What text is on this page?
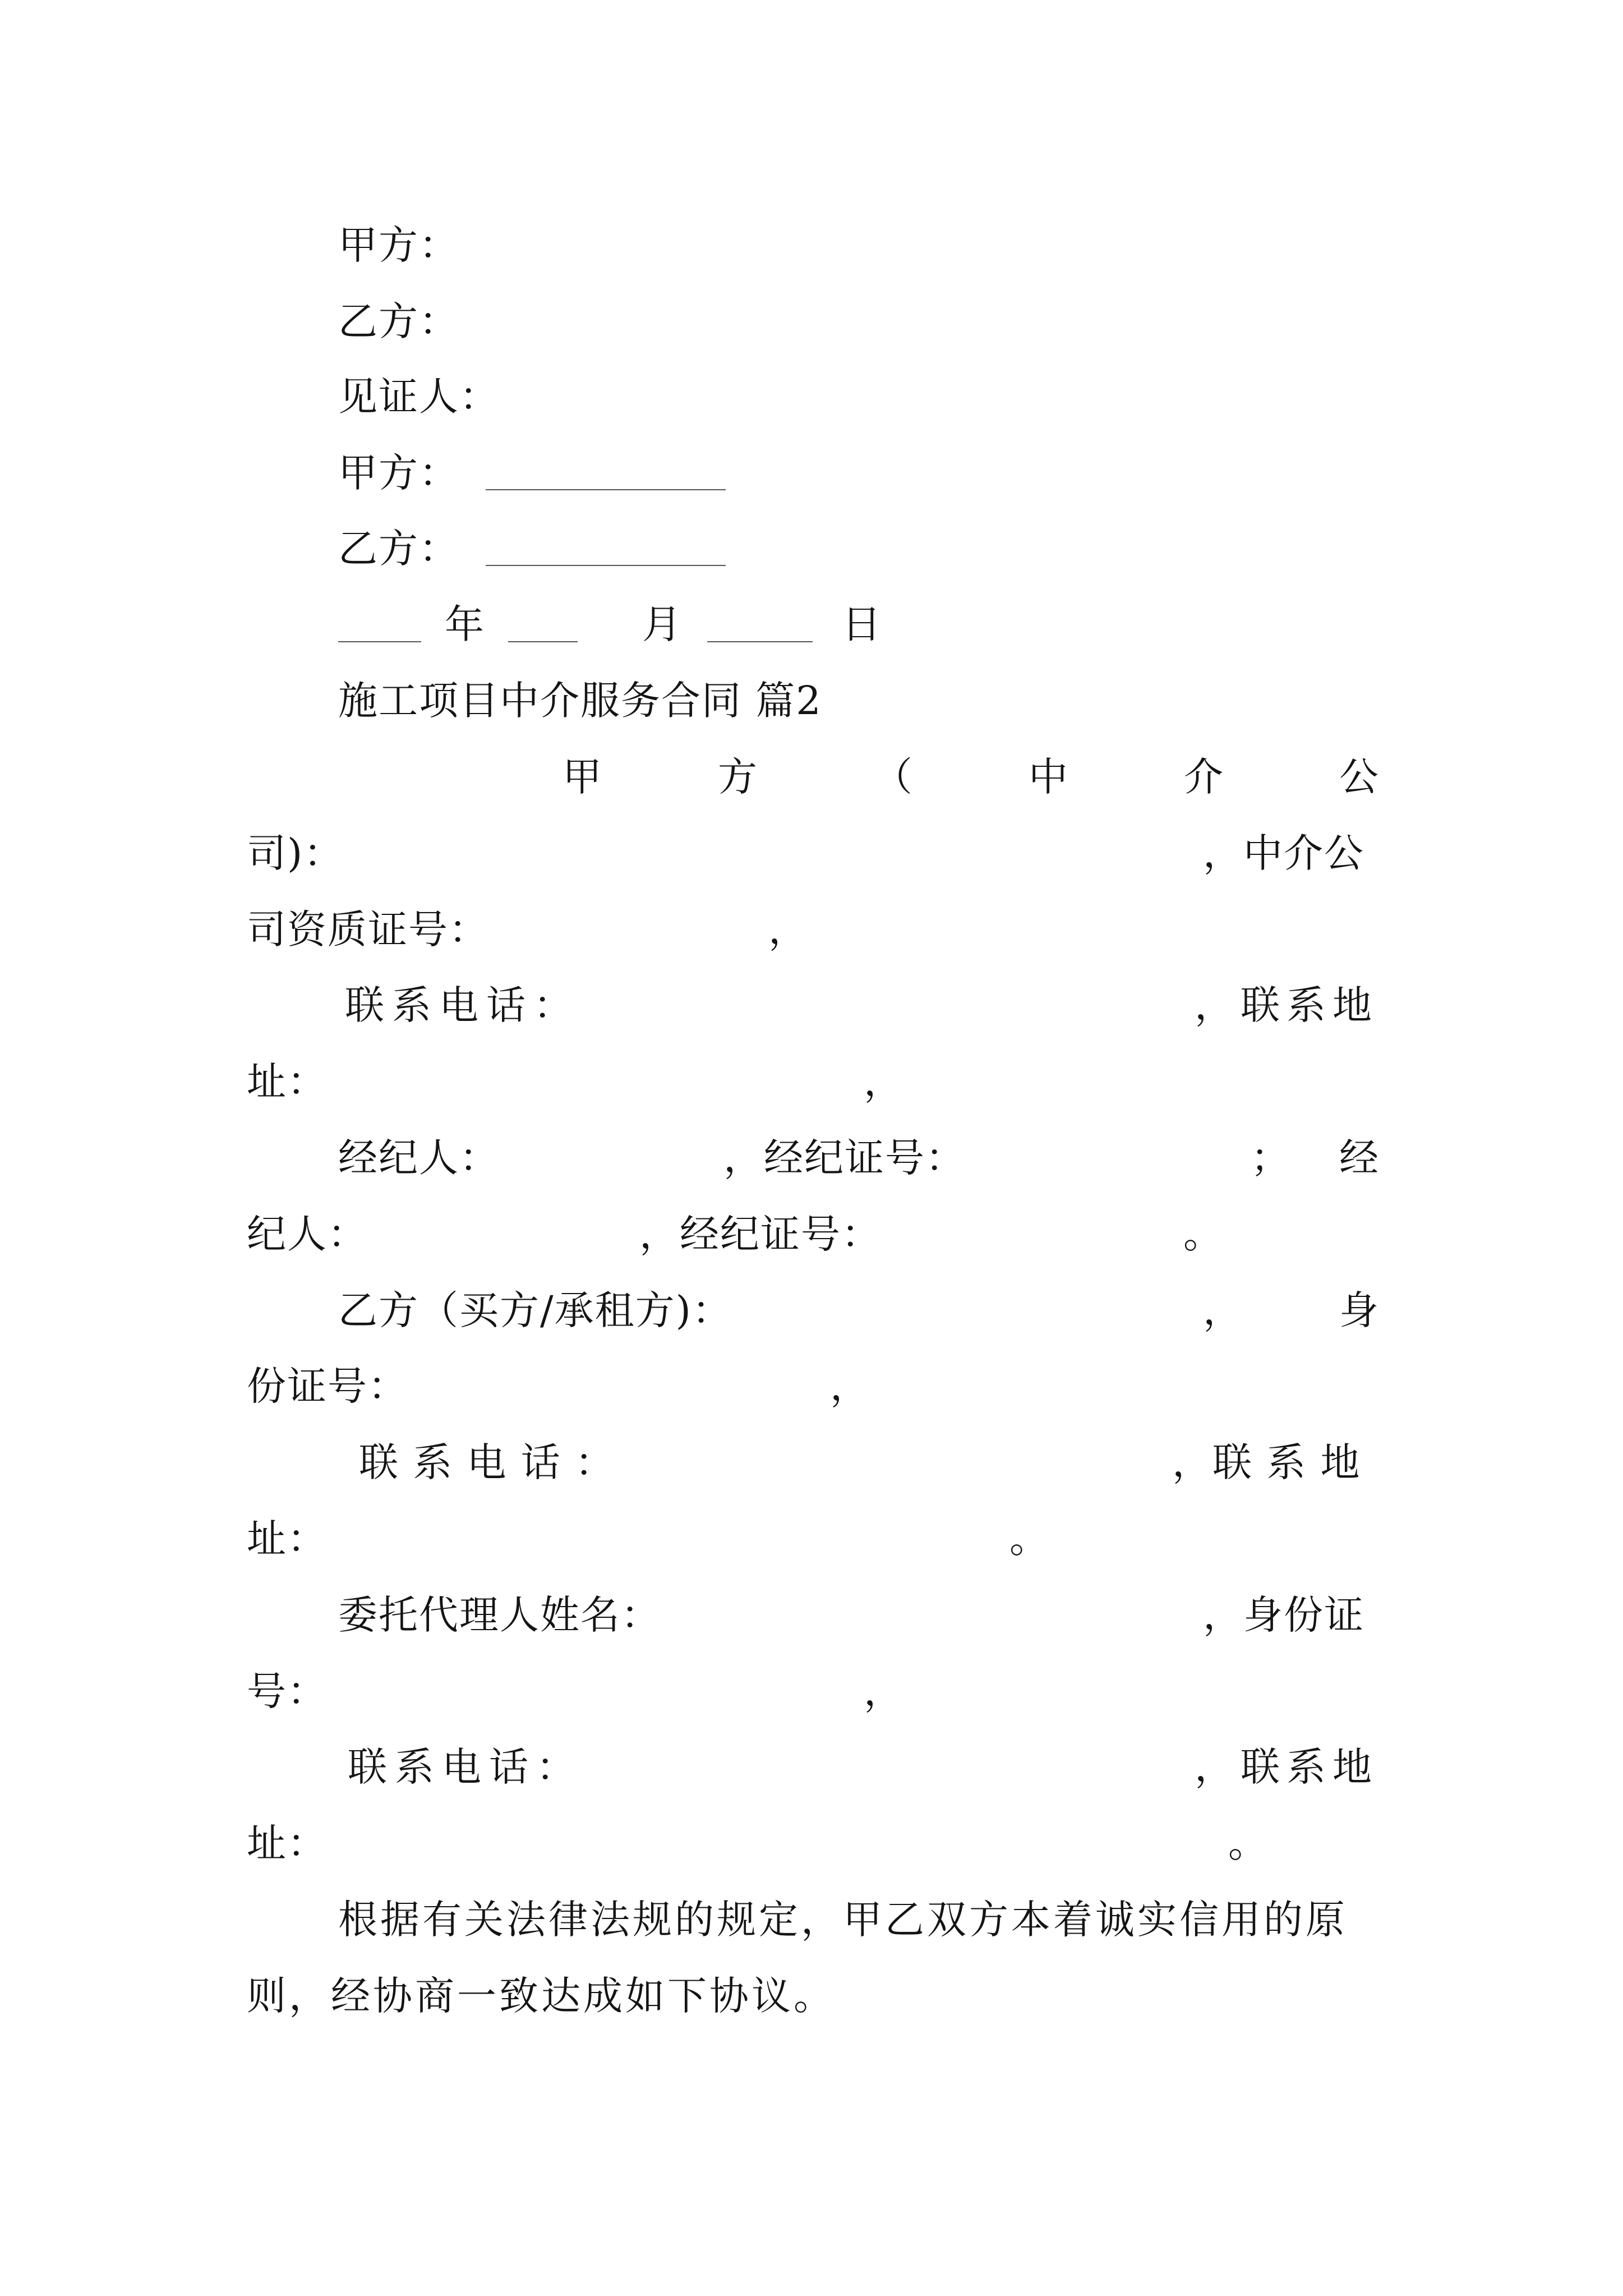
甲方：
乙方：
见证人：
甲方：
乙方：
年	月	日
施工项目中介服务合同 篇2
甲	方	（	中	介	公
司)：	，中介公
司资质证号：	，
联系电话：	，联系地
址：	，
经纪人：	，经纪证号：	； 经
纪人：	，经纪证号：	。
乙方（买方/承租方)：	， 身
份证号：	，
联 系 电 话 ：	，联 系 地
址：	。
委托代理人姓名：	，身份证
号：	，
联系电话：	，联系地
址：	。
根据有关法律法规的规定，甲乙双方本着诚实信用的原
则，经协商一致达成如下协议。
